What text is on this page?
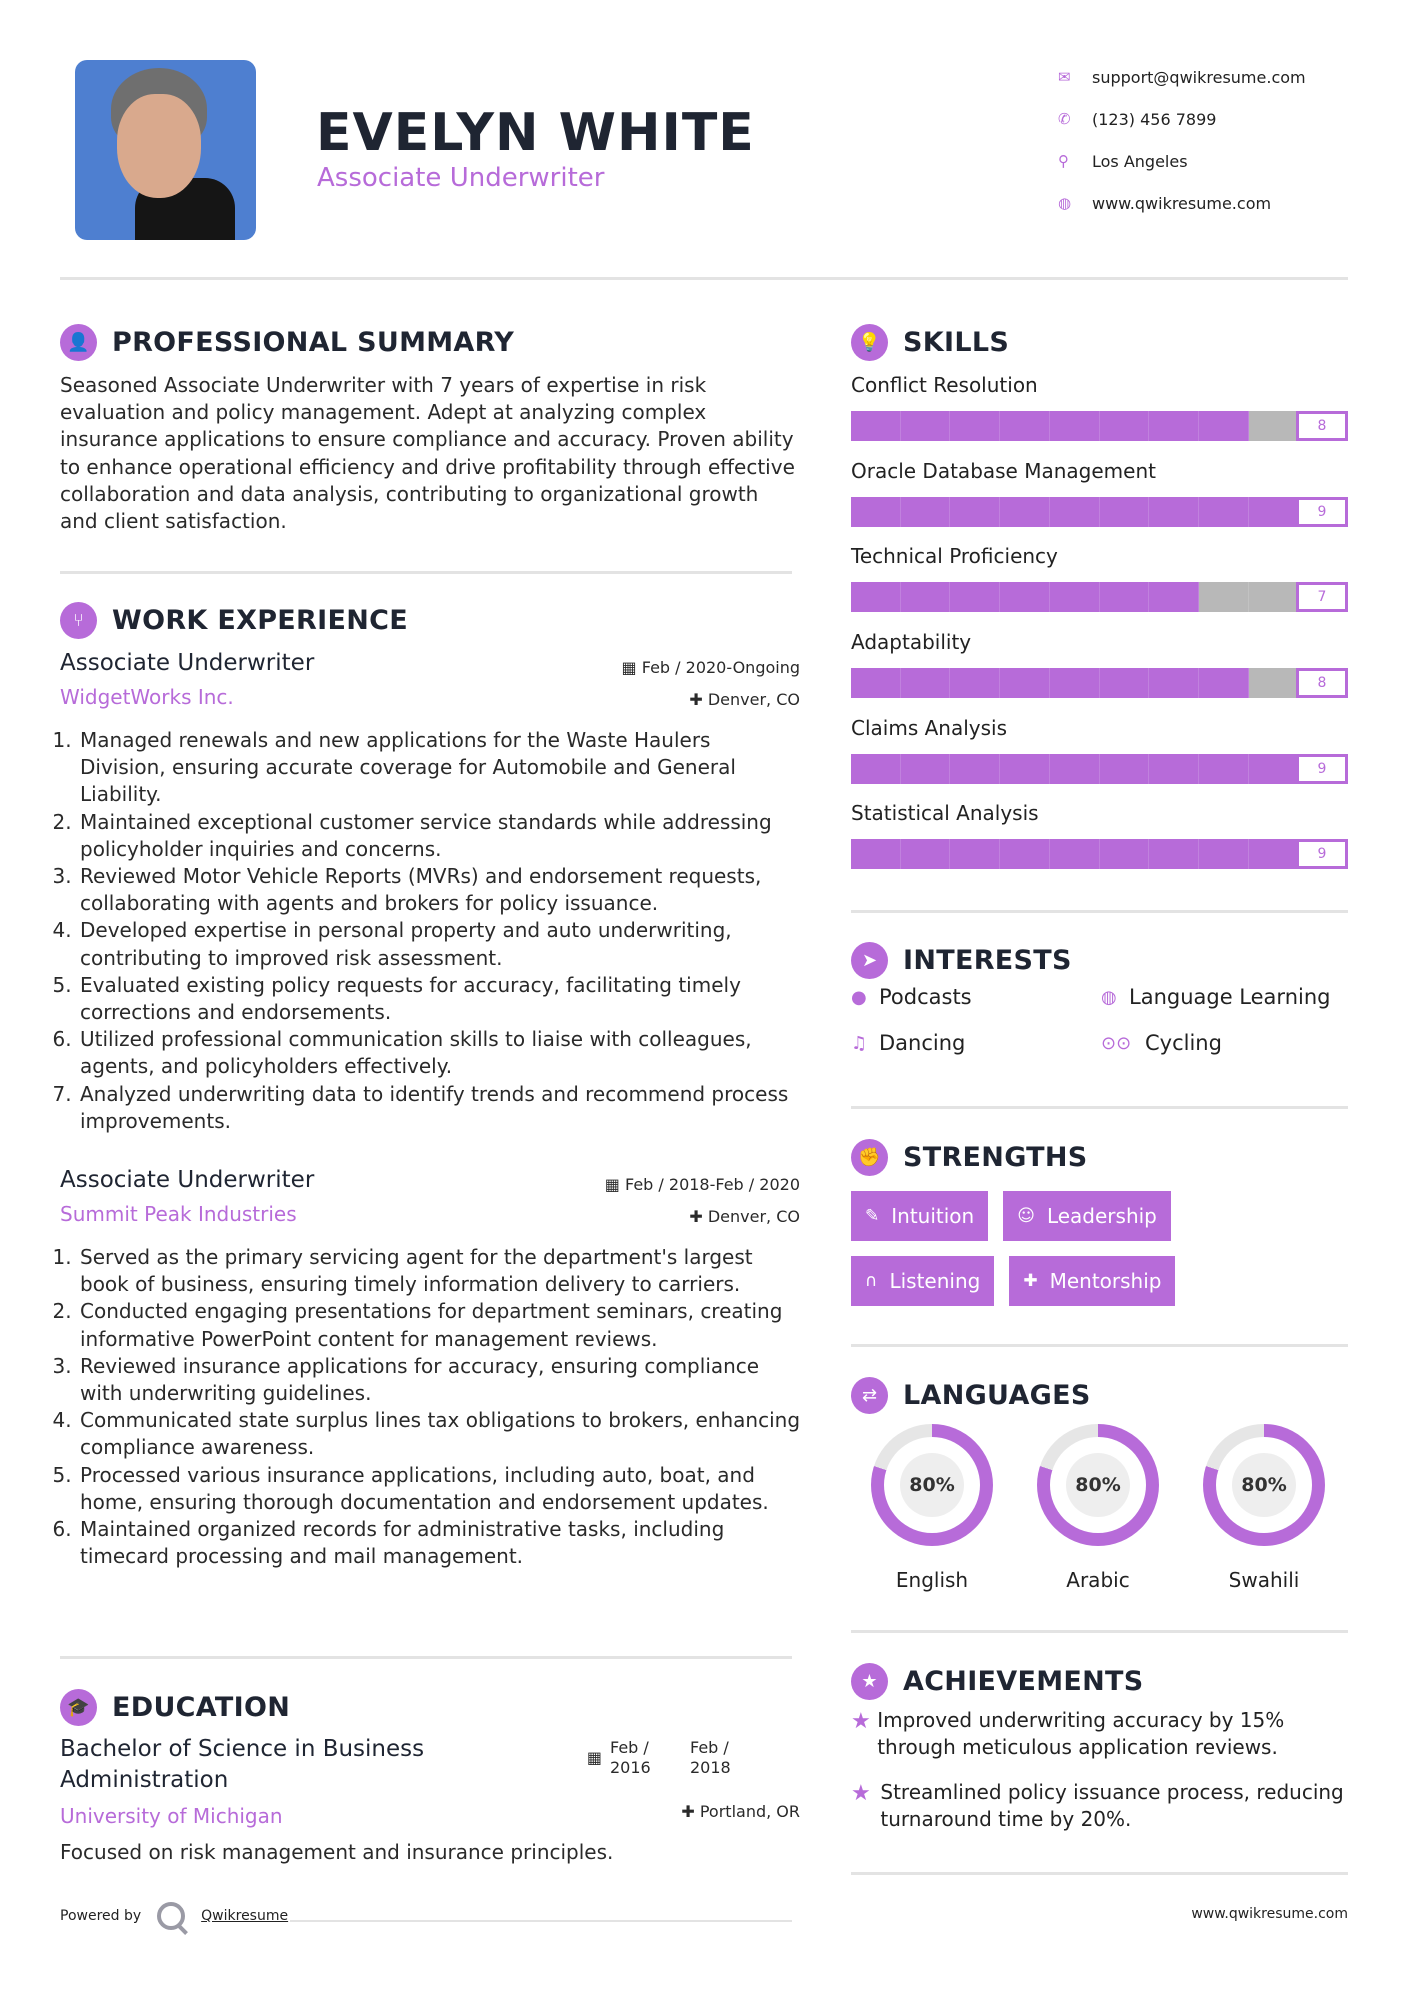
EVELYN WHITE
Associate Underwriter
✉	support@qwikresume.com
✆	(123) 456 7899
⚲	Los Angeles
◍	www.qwikresume.com
👤 PROFESSIONAL SUMMARY
Seasoned Associate Underwriter with 7 years of expertise in risk evaluation and policy management. Adept at analyzing complex insurance applications to ensure compliance and accuracy. Proven ability to enhance operational efficiency and drive profitability through effective collaboration and data analysis, contributing to organizational growth and client satisfaction.
⑂	WORK EXPERIENCE
Associate Underwriter
WidgetWorks Inc.
▦ Feb / 2020-Ongoing
✚ Denver, CO
1. Managed renewals and new applications for the Waste Haulers Division, ensuring accurate coverage for Automobile and General Liability.
2. Maintained exceptional customer service standards while addressing policyholder inquiries and concerns.
3. Reviewed Motor Vehicle Reports (MVRs) and endorsement requests, collaborating with agents and brokers for policy issuance.
4. Developed expertise in personal property and auto underwriting, contributing to improved risk assessment.
5. Evaluated existing policy requests for accuracy, facilitating timely corrections and endorsements.
6. Utilized professional communication skills to liaise with colleagues, agents, and policyholders effectively.
7. Analyzed underwriting data to identify trends and recommend process improvements.
Associate Underwriter
Summit Peak Industries
▦ Feb / 2018-Feb / 2020
✚ Denver, CO
1. Served as the primary servicing agent for the department's largest book of business, ensuring timely information delivery to carriers.
2. Conducted engaging presentations for department seminars, creating informative PowerPoint content for management reviews.
3. Reviewed insurance applications for accuracy, ensuring compliance with underwriting guidelines.
4. Communicated state surplus lines tax obligations to brokers, enhancing compliance awareness.
5. Processed various insurance applications, including auto, boat, and home, ensuring thorough documentation and endorsement updates.
6. Maintained organized records for administrative tasks, including timecard processing and mail management.
🎓 EDUCATION
Bachelor of Science in Business Administration
University of Michigan
Focused on risk management and insurance principles.
▦
Feb / 2016
Feb / 2018
✚ Portland, OR
Powered by	Qwikresume	www.qwikresume.com
💡 SKILLS
Conflict Resolution
8
Oracle Database Management
9
Technical Proficiency
7
Adaptability
8
Claims Analysis
9
Statistical Analysis
9
➤ INTERESTS
● Podcasts	◍ Language Learning
♫ Dancing	⊙⊙ Cycling
✊ STRENGTHS
✎ Intuition	☺ Leadership
∩ Listening	✚ Mentorship
⇄ LANGUAGES
80%
English
80%
Arabic
80%
Swahili
★ ACHIEVEMENTS
★ Improved underwriting accuracy by 15% through meticulous application reviews.
★ Streamlined policy issuance process, reducing turnaround time by 20%.
